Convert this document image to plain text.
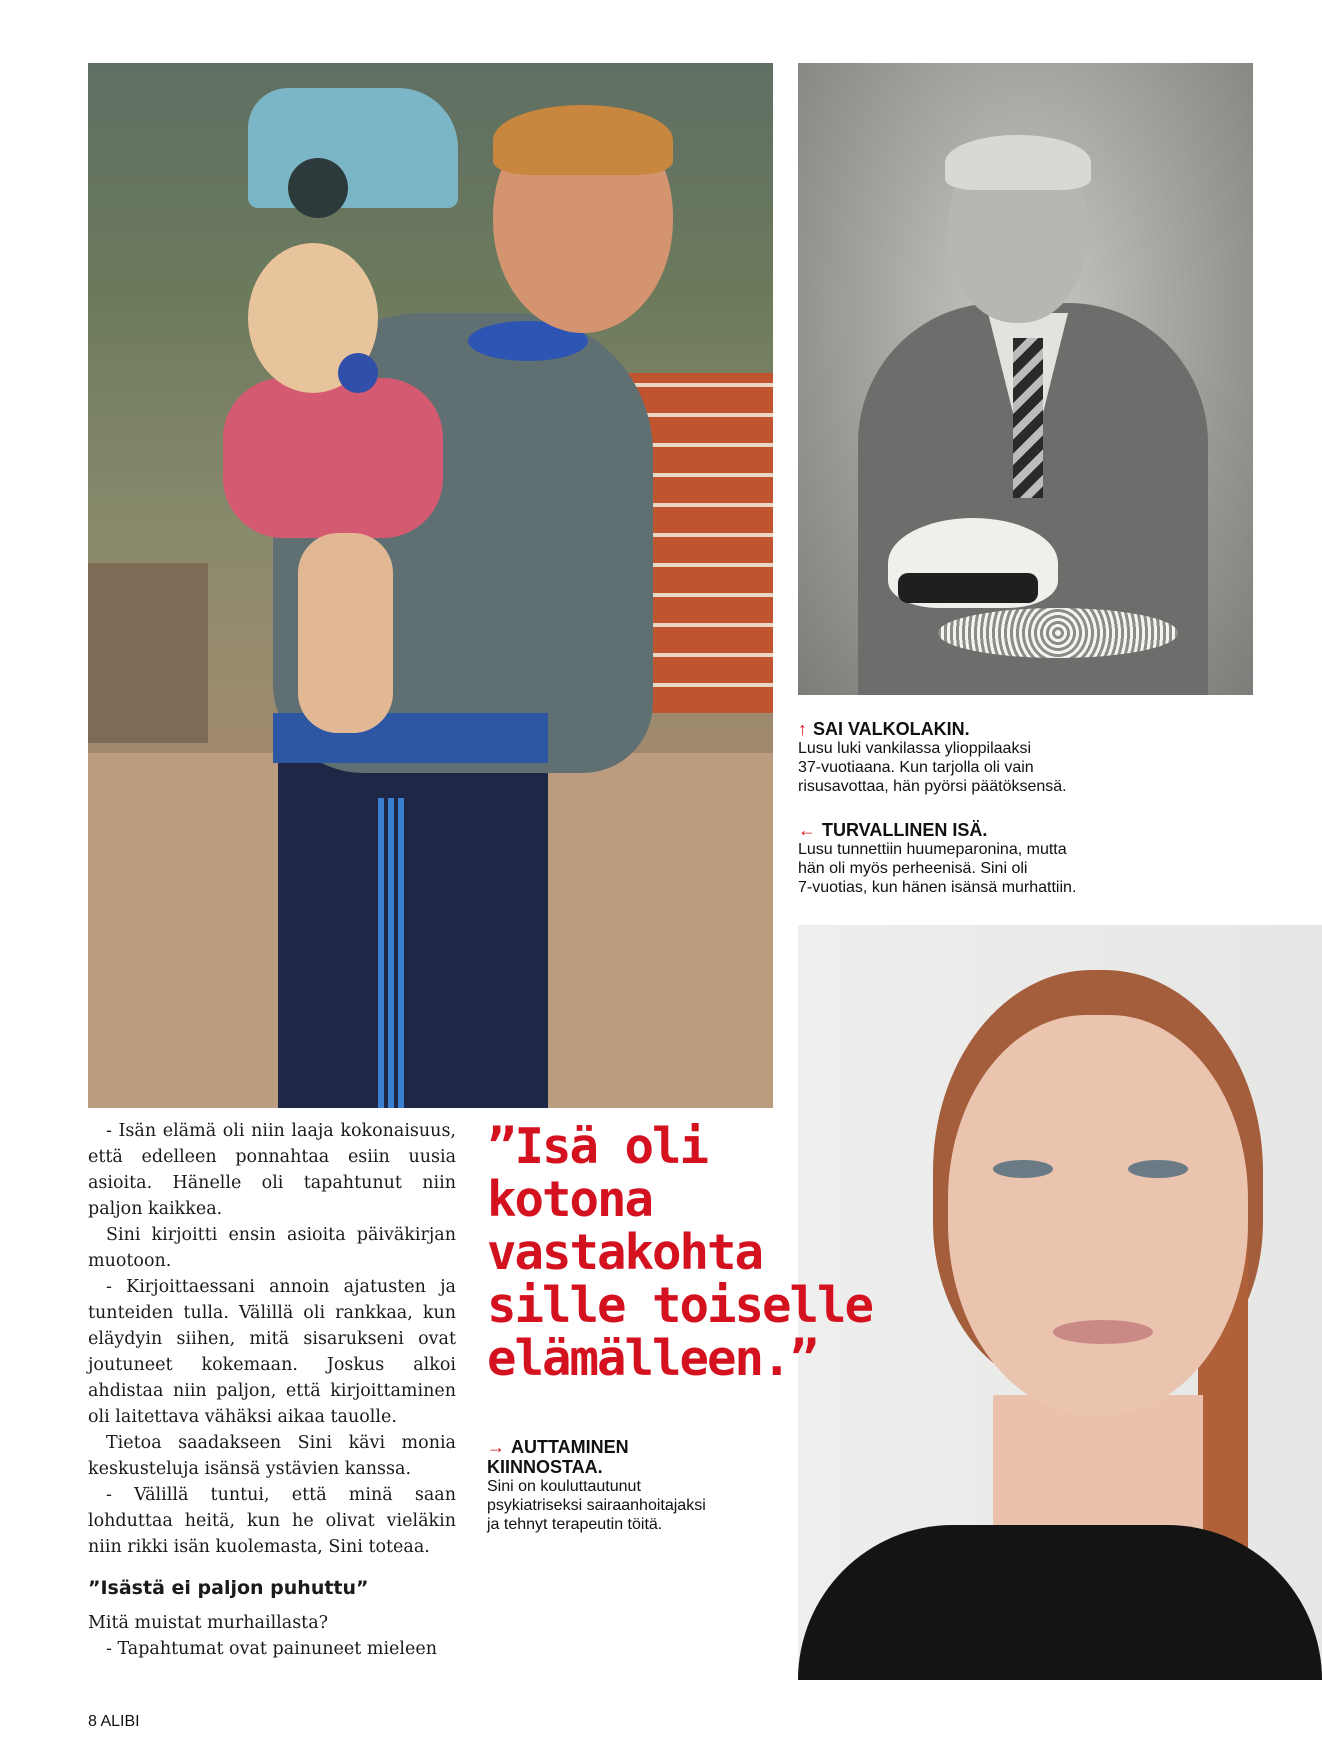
↑ SAI VALKOLAKIN.
Lusu luki vankilassa ylioppilaaksi
37-vuotiaana. Kun tarjolla oli vain
risusavottaa, hän pyörsi päätöksensä.
← TURVALLINEN ISÄ.
Lusu tunnettiin huumeparonina, mutta
hän oli myös perheenisä. Sini oli
7-vuotias, kun hänen isänsä murhattiin.
”Isä oli
kotona
vastakohta
sille toiselle
elämälleen.”
→ AUTTAMINEN
KIINNOSTAA.
Sini on kouluttautunut
psykiatriseksi sairaanhoitajaksi
ja tehnyt terapeutin töitä.

- Isän elämä oli niin laaja kokonaisuus, että edelleen ponnahtaa esiin uusia asioita. Hänelle oli tapahtunut niin paljon kaikkea.

Sini kirjoitti ensin asioita päiväkirjan muotoon.

- Kirjoittaessani annoin ajatusten ja tunteiden tulla. Välillä oli rankkaa, kun eläydyin siihen, mitä sisarukseni ovat joutuneet kokemaan. Joskus alkoi ahdistaa niin paljon, että kirjoittaminen oli laitettava vähäksi aikaa tauolle.

Tietoa saadakseen Sini kävi monia keskusteluja isänsä ystävien kanssa.

- Välillä tuntui, että minä saan lohduttaa heitä, kun he olivat vieläkin niin rikki isän kuolemasta, Sini toteaa.

”Isästä ei paljon puhuttu”

Mitä muistat murhaillasta?

- Tapahtumat ovat painuneet mieleen

8 ALIBI
